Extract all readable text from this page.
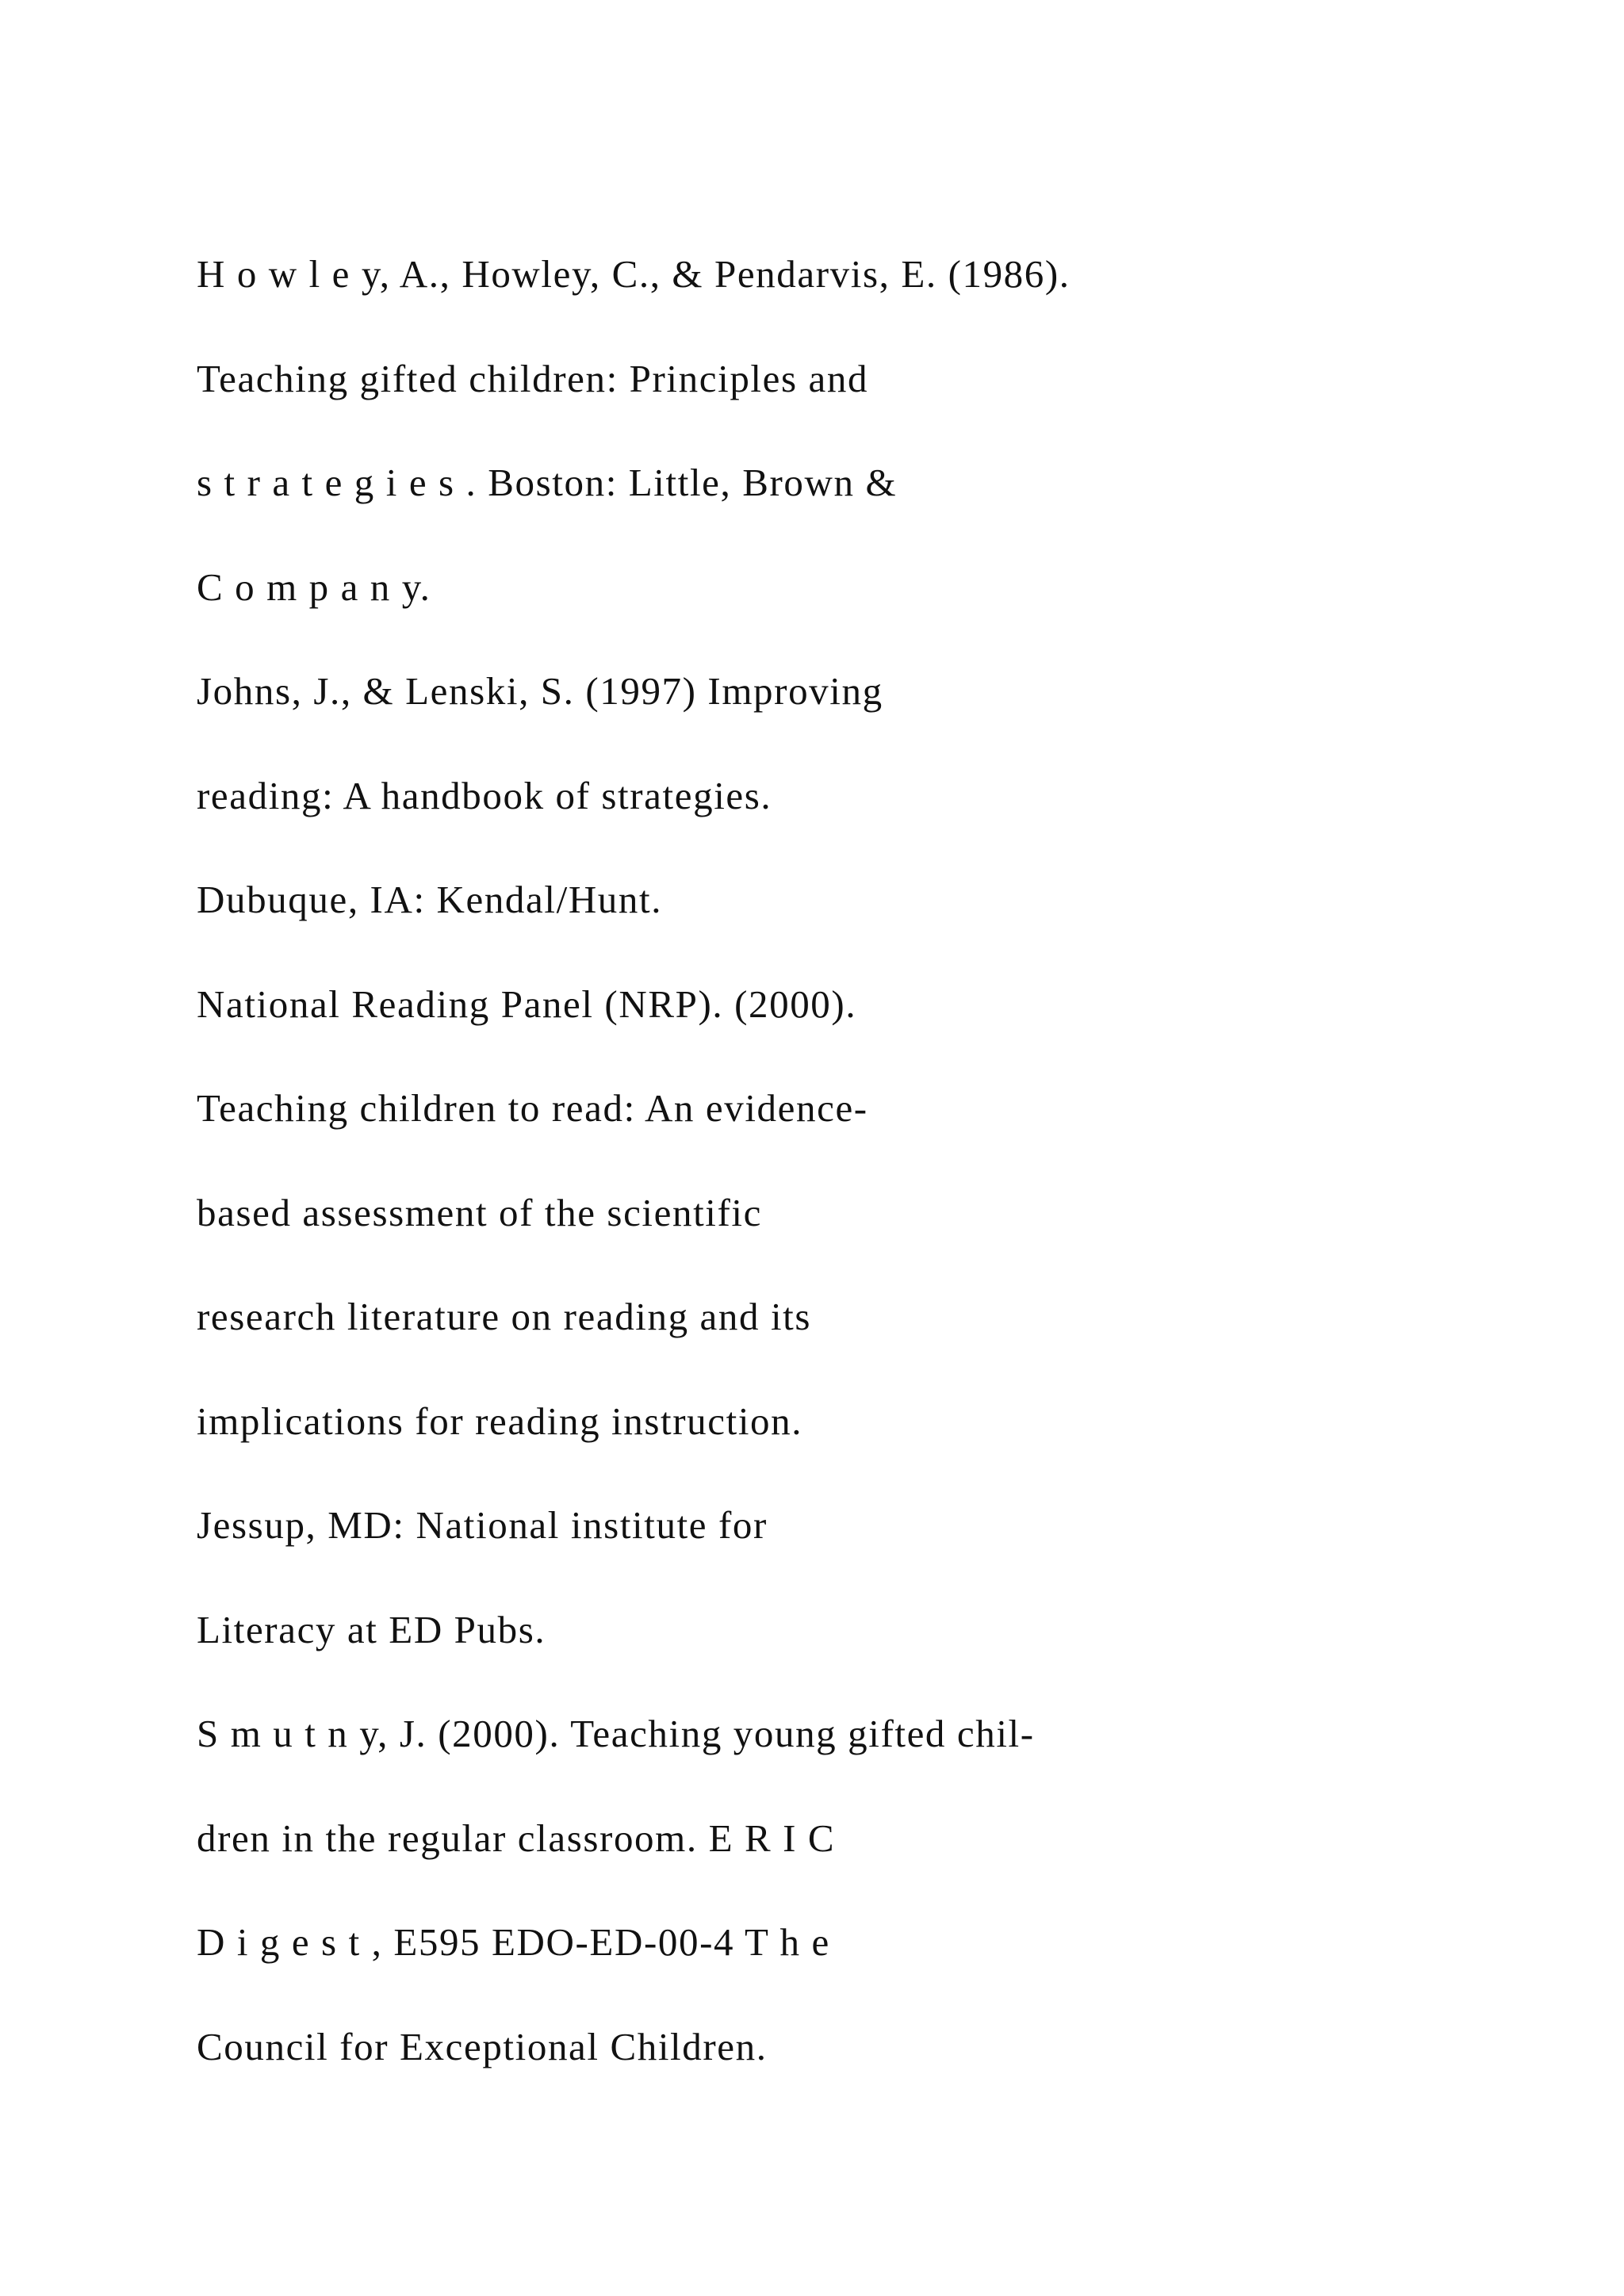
H o w l e y, A., Howley, C., & Pendarvis, E. (1986).
Teaching gifted children: Principles and
s t r a t e g i e s . Boston: Little, Brown &
C o m p a n y.
Johns, J., & Lenski, S. (1997) Improving
reading: A handbook of strategies.
Dubuque, IA: Kendal/Hunt.
National Reading Panel (NRP). (2000).
Teaching children to read: An evidence-
based assessment of the scientific
research literature on reading and its
implications for reading instruction.
Jessup, MD: National institute for
Literacy at ED Pubs.
S m u t n y, J. (2000). Teaching young gifted chil-
dren in the regular classroom. E R I C
D i g e s t , E595 EDO-ED-00-4 T h e
Council for Exceptional Children.
